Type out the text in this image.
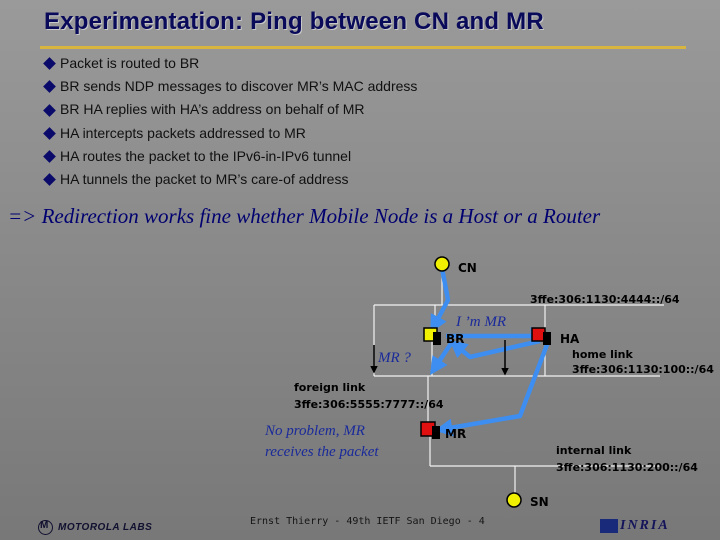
Experimentation: Ping between CN and MR
Packet is routed to BR
BR sends NDP messages to discover MR’s MAC address
BR HA replies with HA’s address on behalf of MR
HA intercepts packets addressed to MR
HA routes the packet to the IPv6-in-IPv6 tunnel
HA tunnels the packet to MR’s care-of address
=> Redirection works fine whether Mobile Node is a Host or a Router
CN
BR	HA
MR
SN
3ffe:306:1130:4444::/64
home link
3ffe:306:1130:100::/64
foreign link
3ffe:306:5555:7777::/64
internal link
3ffe:306:1130:200::/64
I ’m MR
MR ?
No problem, MR
receives the packet
MMOTOROLA LABS
Ernst Thierry - 49th IETF San Diego - 4	INRIA
